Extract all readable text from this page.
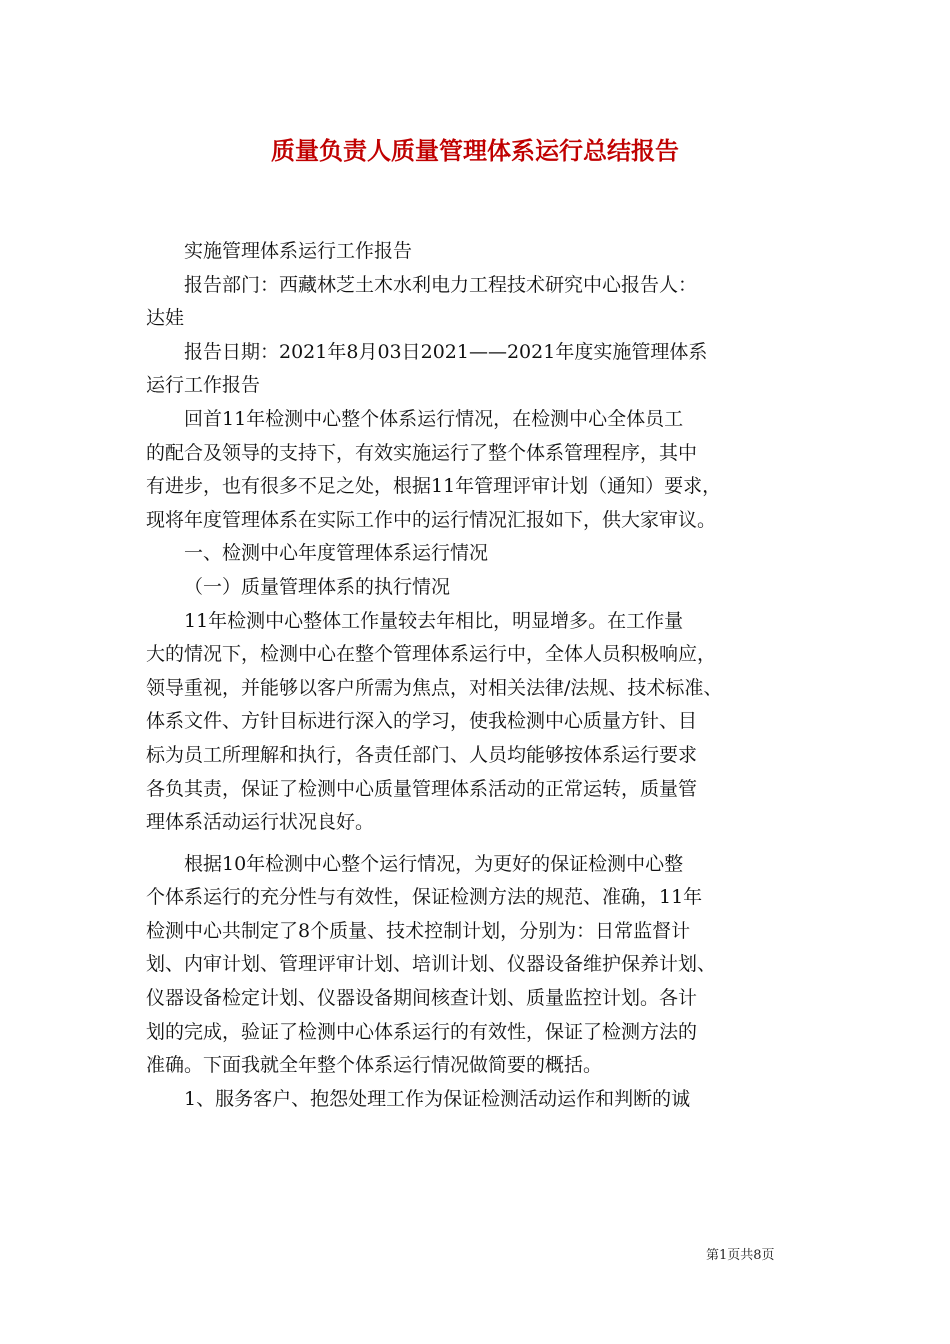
质量负责人质量管理体系运行总结报告

实施管理体系运行工作报告

报告部门：西藏林芝土木水利电力工程技术研究中心报告人：
达娃

报告日期：2021年8月03日2021——2021年度实施管理体系
运行工作报告

回首11年检测中心整个体系运行情况，在检测中心全体员工
的配合及领导的支持下，有效实施运行了整个体系管理程序，其中
有进步，也有很多不足之处，根据11年管理评审计划（通知）要求，
现将年度管理体系在实际工作中的运行情况汇报如下，供大家审议。

一、检测中心年度管理体系运行情况

（一）质量管理体系的执行情况

11年检测中心整体工作量较去年相比，明显增多。在工作量
大的情况下，检测中心在整个管理体系运行中，全体人员积极响应，
领导重视，并能够以客户所需为焦点，对相关法律/法规、技术标准、
体系文件、方针目标进行深入的学习，使我检测中心质量方针、目
标为员工所理解和执行，各责任部门、人员均能够按体系运行要求
各负其责，保证了检测中心质量管理体系活动的正常运转，质量管
理体系活动运行状况良好。

根据10年检测中心整个运行情况，为更好的保证检测中心整
个体系运行的充分性与有效性，保证检测方法的规范、准确，11年
检测中心共制定了8个质量、技术控制计划，分别为：日常监督计
划、内审计划、管理评审计划、培训计划、仪器设备维护保养计划、
仪器设备检定计划、仪器设备期间核查计划、质量监控计划。各计
划的完成，验证了检测中心体系运行的有效性，保证了检测方法的
准确。下面我就全年整个体系运行情况做简要的概括。

1、服务客户、抱怨处理工作为保证检测活动运作和判断的诚

第1页共8页
